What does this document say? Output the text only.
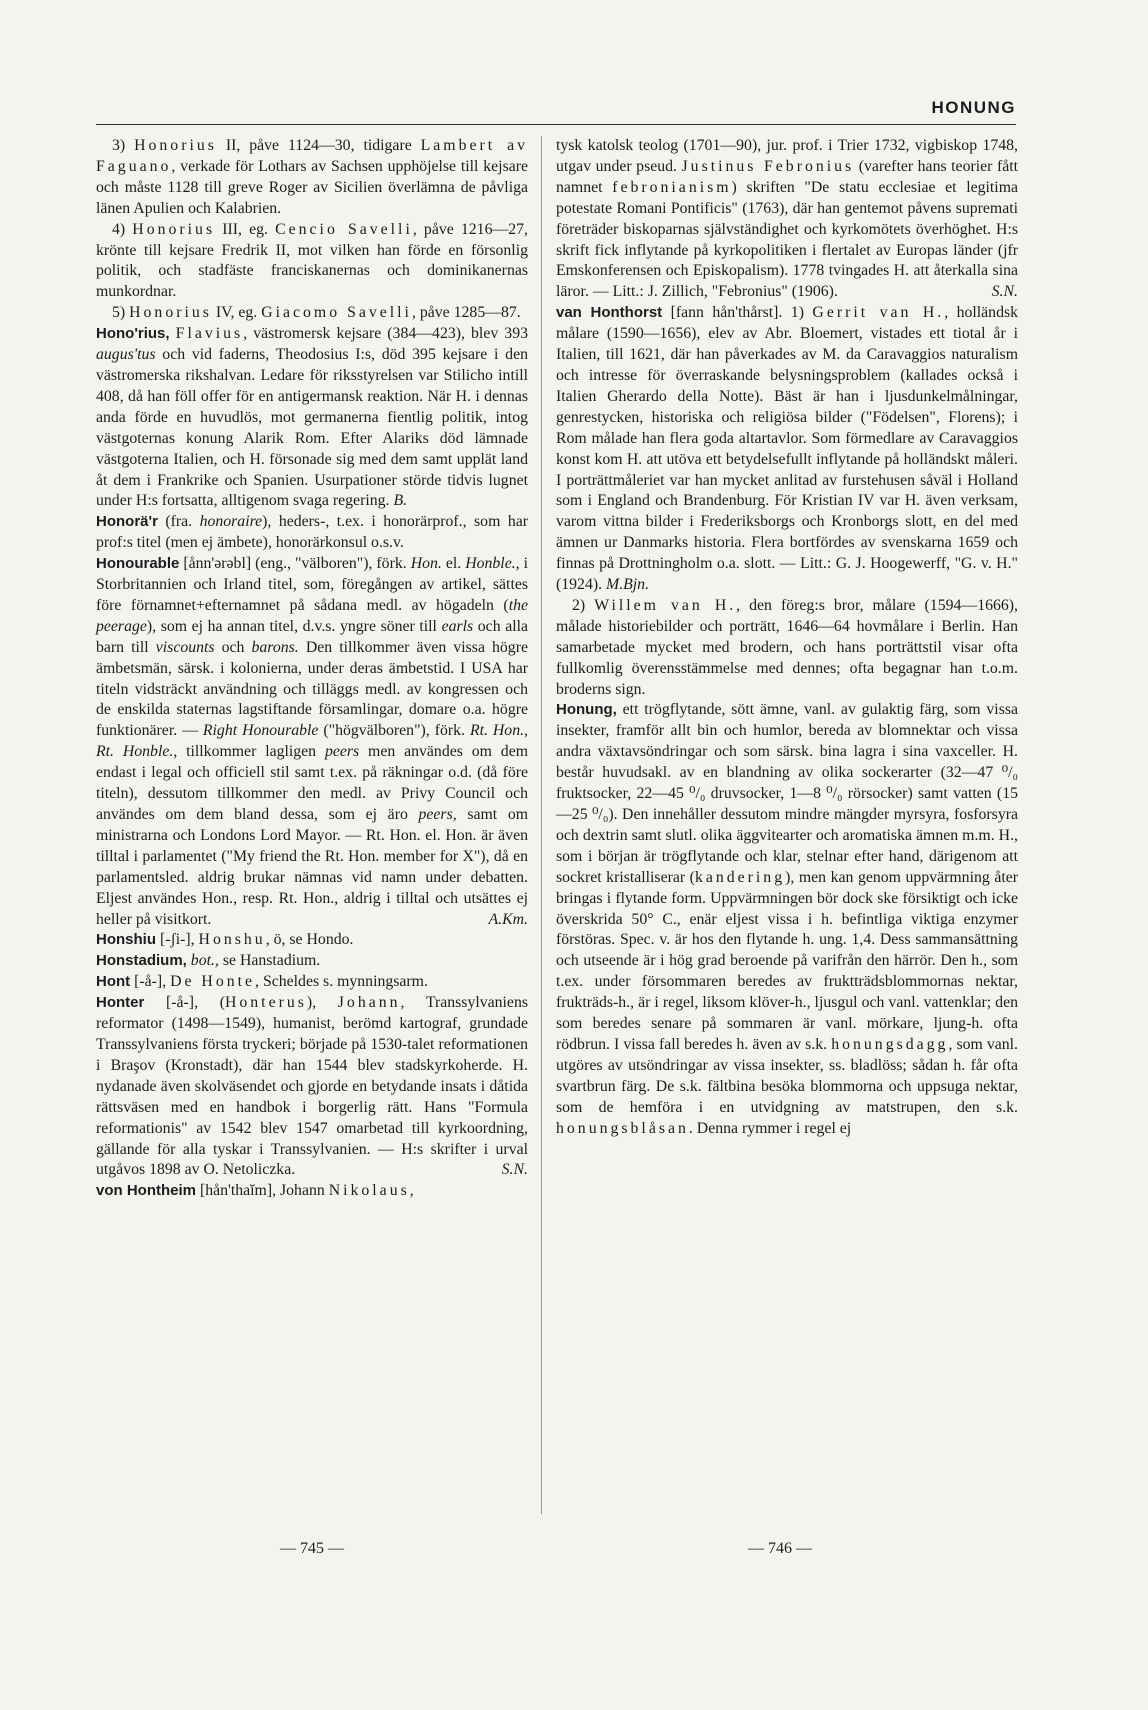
HONUNG

3) Honorius II, påve 1124—30, tidigare Lambert av Faguano, verkade för Lothars av Sachsen upphöjelse till kejsare och måste 1128 till greve Roger av Sicilien överlämna de påvliga länen Apulien och Kalabrien.

4) Honorius III, eg. Cencio Savelli, påve 1216—27, krönte till kejsare Fredrik II, mot vilken han förde en försonlig politik, och stadfäste franciskanernas och dominikanernas munkordnar.

5) Honorius IV, eg. Giacomo Savelli, påve 1285—87.

Hono'rius, Flavius, västromersk kejsare (384—423), blev 393 augus'tus och vid faderns, Theodosius I:s, död 395 kejsare i den västromerska rikshalvan. Ledare för riksstyrelsen var Stilicho intill 408, då han föll offer för en antigermansk reaktion. När H. i dennas anda förde en huvudlös, mot germanerna fientlig politik, intog västgoternas konung Alarik Rom. Efter Alariks död lämnade västgoterna Italien, och H. försonade sig med dem samt upplät land åt dem i Frankrike och Spanien. Usurpationer störde tidvis lugnet under H:s fortsatta, alltigenom svaga regering. B.

Honorä'r (fra. honoraire), heders-, t.ex. i honorärprof., som har prof:s titel (men ej ämbete), honorärkonsul o.s.v.

Honourable [ånn'ərəbl] (eng., "välboren"), förk. Hon. el. Honble., i Storbritannien och Irland titel, som, föregången av artikel, sättes före förnamnet+efternamnet på sådana medl. av högadeln (the peerage), som ej ha annan titel, d.v.s. yngre söner till earls och alla barn till viscounts och barons. Den tillkommer även vissa högre ämbetsmän, särsk. i kolonierna, under deras ämbetstid. I USA har titeln vidsträckt användning och tilläggs medl. av kongressen och de enskilda staternas lagstiftande församlingar, domare o.a. högre funktionärer. — Right Honourable ("högvälboren"), förk. Rt. Hon., Rt. Honble., tillkommer lagligen peers men användes om dem endast i legal och officiell stil samt t.ex. på räkningar o.d. (då före titeln), dessutom tillkommer den medl. av Privy Council och användes om dem bland dessa, som ej äro peers, samt om ministrarna och Londons Lord Mayor. — Rt. Hon. el. Hon. är även tilltal i parlamentet ("My friend the Rt. Hon. member for X"), då en parlamentsled. aldrig brukar nämnas vid namn under debatten. Eljest användes Hon., resp. Rt. Hon., aldrig i tilltal och utsättes ej heller på visitkort.	A.Km.

Honshiu [-ʃi-], Honshu, ö, se Hondo.

Honstadium, bot., se Hanstadium.

Hont [-å-], De Honte, Scheldes s. mynningsarm.

Honter [-å-], (Honterus), Johann, Transsylvaniens reformator (1498—1549), humanist, berömd kartograf, grundade Transsylvaniens första tryckeri; började på 1530-talet reformationen i Braşov (Kronstadt), där han 1544 blev stadskyrkoherde. H. nydanade även skolväsendet och gjorde en betydande insats i dåtida rättsväsen med en handbok i borgerlig rätt. Hans "Formula reformationis" av 1542 blev 1547 omarbetad till kyrkoordning, gällande för alla tyskar i Transsylvanien. — H:s skrifter i urval utgåvos 1898 av O. Netoliczka.	S.N.

von Hontheim [hån'thaĭm], Johann Nikolaus,

tysk katolsk teolog (1701—90), jur. prof. i Trier 1732, vigbiskop 1748, utgav under pseud. Justinus Febronius (varefter hans teorier fått namnet febronianism) skriften "De statu ecclesiae et legitima potestate Romani Pontificis" (1763), där han gentemot påvens suprematі företräder biskoparnas självständighet och kyrkomötets överhöghet. H:s skrift fick inflytande på kyrkopolitiken i flertalet av Europas länder (jfr Emskonferensen och Episkopalism). 1778 tvingades H. att återkalla sina läror. — Litt.: J. Zillich, "Febronius" (1906).	S.N.

van Honthorst [fann hån'thårst]. 1) Gerrit van H., holländsk målare (1590—1656), elev av Abr. Bloemert, vistades ett tiotal år i Italien, till 1621, där han påverkades av M. da Caravaggios naturalism och intresse för överraskande belysningsproblem (kallades också i Italien Gherardo della Notte). Bäst är han i ljusdunkelmålningar, genrestycken, historiska och religiösa bilder ("Födelsen", Florens); i Rom målade han flera goda altartavlor. Som förmedlare av Caravaggios konst kom H. att utöva ett betydelsefullt inflytande på holländskt måleri. I porträttmåleriet var han mycket anlitad av furstehusen såväl i Holland som i England och Brandenburg. För Kristian IV var H. även verksam, varom vittna bilder i Frederiksborgs och Kronborgs slott, en del med ämnen ur Danmarks historia. Flera bortfördes av svenskarna 1659 och finnas på Drottningholm o.a. slott. — Litt.: G. J. Hoogewerff, "G. v. H." (1924). M.Bjn.

2) Willem van H., den föreg:s bror, målare (1594—1666), målade historiebilder och porträtt, 1646—64 hovmålare i Berlin. Han samarbetade mycket med brodern, och hans porträttstil visar ofta fullkomlig överensstämmelse med dennes; ofta begagnar han t.o.m. broderns sign.

Honung, ett trögflytande, sött ämne, vanl. av gulaktig färg, som vissa insekter, framför allt bin och humlor, bereda av blomnektar och vissa andra växtavsöndringar och som särsk. bina lagra i sina vaxceller. H. består huvudsakl. av en blandning av olika sockerarter (32—47 ⁰/₀ fruktsocker, 22—45 ⁰/₀ druvsocker, 1—8 ⁰/₀ rörsocker) samt vatten (15—25 ⁰/₀). Den innehåller dessutom mindre mängder myrsyra, fosforsyra och dextrin samt slutl. olika äggvitearter och aromatiska ämnen m.m. H., som i början är trögflytande och klar, stelnar efter hand, därigenom att sockret kristalliserar (kandering), men kan genom uppvärmning åter bringas i flytande form. Uppvärmningen bör dock ske försiktigt och icke överskrida 50° C., enär eljest vissa i h. befintliga viktiga enzymer förstöras. Spec. v. är hos den flytande h. ung. 1,4. Dess sammansättning och utseende är i hög grad beroende på varifrån den härrör. Den h., som t.ex. under försommaren beredes av fruktträdsblommornas nektar, frukträds-h., är i regel, liksom klöver-h., ljusgul och vanl. vattenklar; den som beredes senare på sommaren är vanl. mörkare, ljung-h. ofta rödbrun. I vissa fall beredes h. även av s.k. honungsdagg, som vanl. utgöres av utsöndringar av vissa insekter, ss. bladlöss; sådan h. får ofta svartbrun färg. De s.k. fältbina besöka blommorna och uppsuga nektar, som de hemföra i en utvidgning av matstrupen, den s.k. honungsblåsan. Denna rymmer i regel ej

— 745 —	— 746 —
